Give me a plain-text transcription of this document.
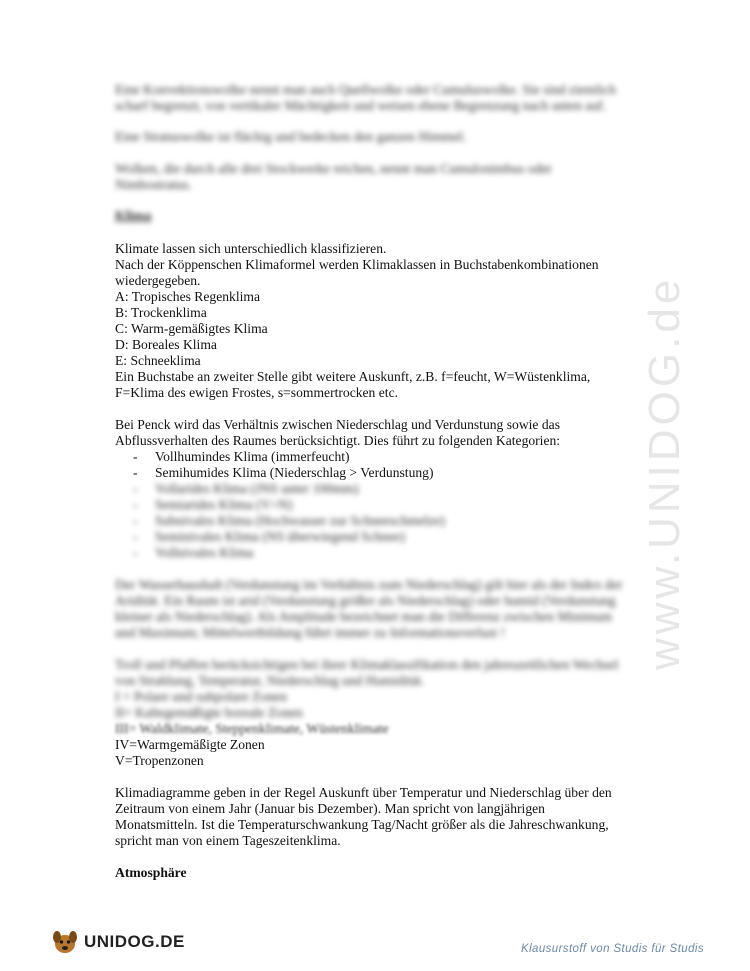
www.UNIDOG.de
Eine Konvektionswolke nennt man auch Quellwolke oder Cumuluswolke. Sie sind ziemlich
scharf begrenzt, von vertikaler Mächtigkeit und weisen ebene Begrenzung nach unten auf.
Eine Stratuswolke ist flächig und bedecken den ganzen Himmel.
Wolken, die durch alle drei Stockwerke reichen, nennt man Cumulonimbus oder
Nimbostratus.
Klima
Klimate lassen sich unterschiedlich klassifizieren.
Nach der Köppenschen Klimaformel werden Klimaklassen in Buchstabenkombinationen
wiedergegeben.
A: Tropisches Regenklima
B: Trockenklima
C: Warm-gemäßigtes Klima
D: Boreales Klima
E: Schneeklima
Ein Buchstabe an zweiter Stelle gibt weitere Auskunft, z.B. f=feucht, W=Wüstenklima,
F=Klima des ewigen Frostes, s=sommertrocken etc.
Bei Penck wird das Verhältnis zwischen Niederschlag und Verdunstung sowie das
Abflussverhalten des Raumes berücksichtigt. Dies führt zu folgenden Kategorien:
- Vollhumindes Klima (immerfeucht)
- Semihumides Klima (Niederschlag > Verdunstung)
- Vollarides Klima (JNS unter 100mm)
- Semiarides Klima (V>N)
- Subnivales Klima (Hochwasser zur Schneeschmelze)
- Seminivales Klima (NS überwiegend Schnee)
- Vollnivales Klima
Der Wasserhaushalt (Verdunstung im Verhältnis zum Niederschlag) gilt hier als der Index der
Aridität. Ein Raum ist arid (Verdunstung größer als Niederschlag) oder humid (Verdunstung
kleiner als Niederschlag). Als Amplitude bezeichnet man die Differenz zwischen Minimum
und Maximum; Mittelwertbildung führt immer zu Informationsverlust !
Troll und Pfaffen berücksichtigen bei ihrer Klimaklassifikation den jahreszeitlichen Wechsel
von Strahlung, Temperatur, Niederschlag und Humidität.
I = Polare und subpolare Zonen
II= Kaltegemäßigte boreale Zonen
III= Waldklimate, Steppenklimate, Wüstenklimate
IV=Warmgemäßigte Zonen
V=Tropenzonen
Klimadiagramme geben in der Regel Auskunft über Temperatur und Niederschlag über den
Zeitraum von einem Jahr (Januar bis Dezember). Man spricht von langjährigen
Monatsmitteln. Ist die Temperaturschwankung Tag/Nacht größer als die Jahreschwankung,
spricht man von einem Tageszeitenklima.
Atmosphäre
UNIDOG.DE	Klausurstoff von Studis für Studis
